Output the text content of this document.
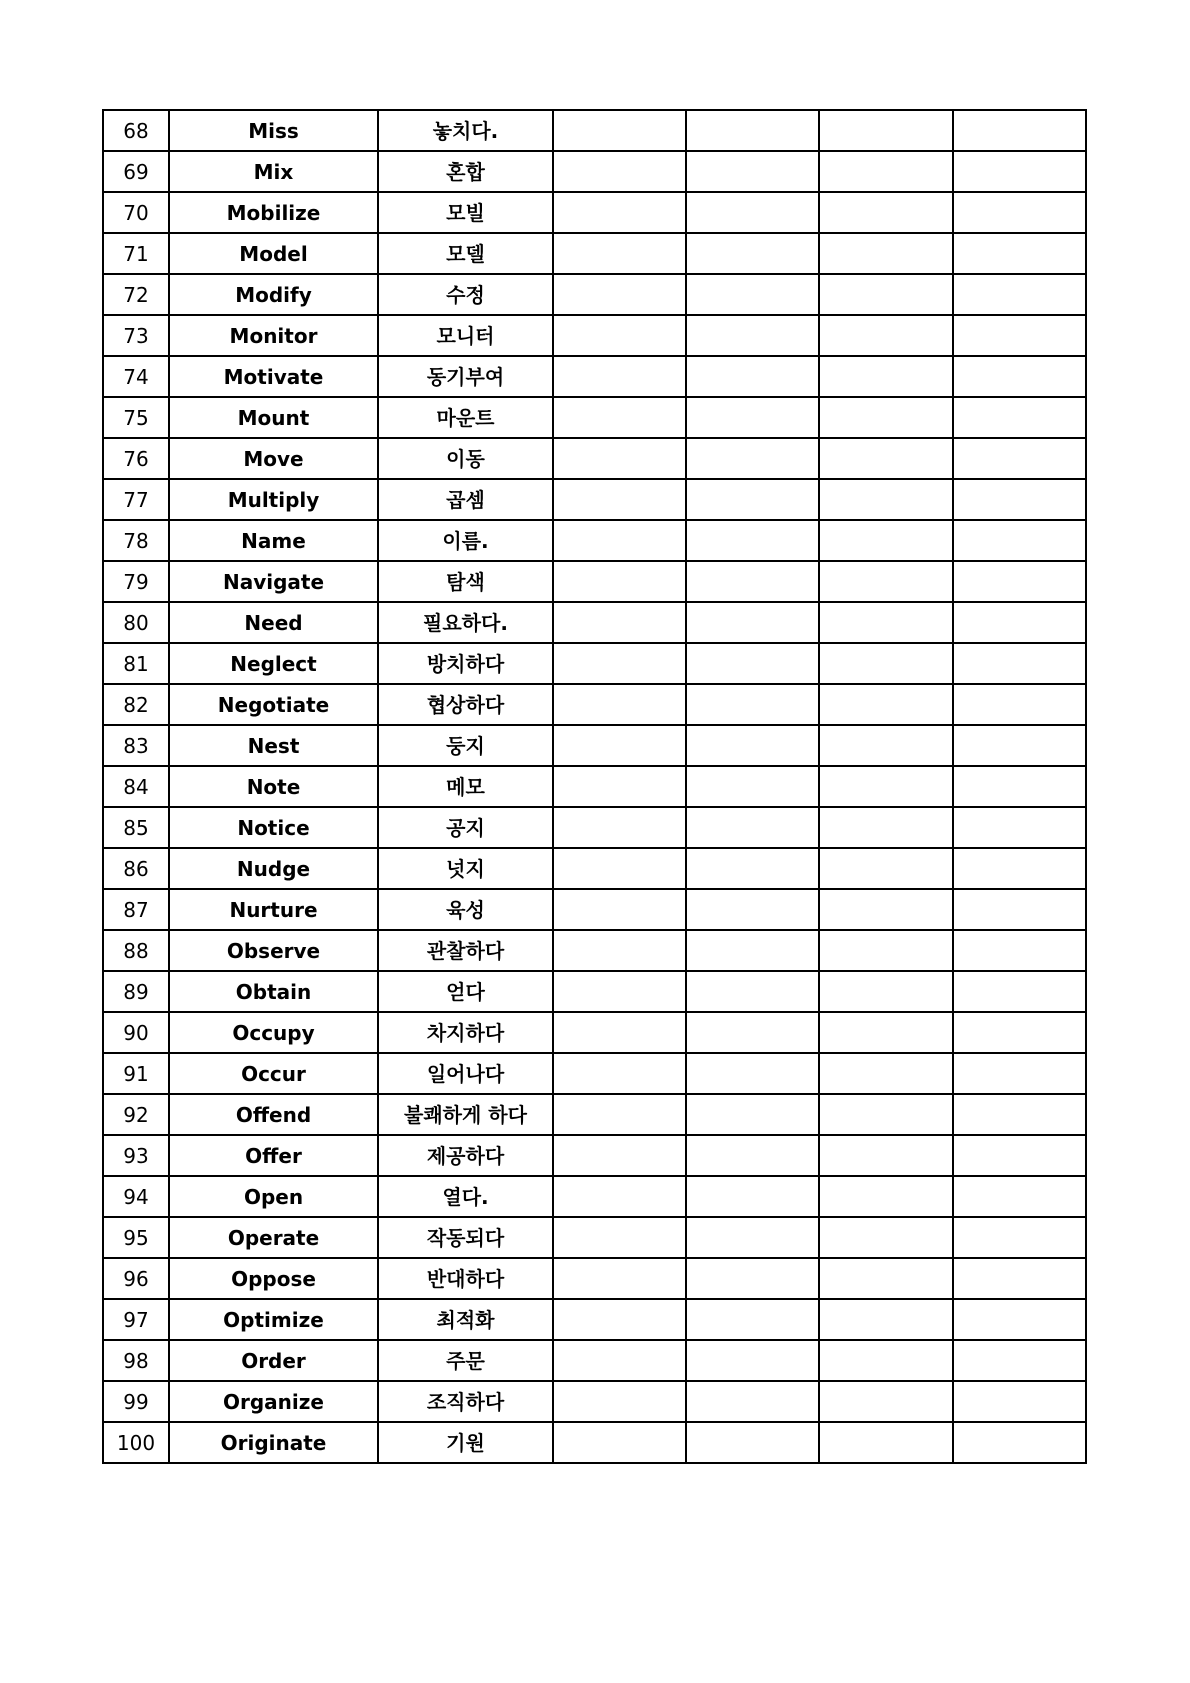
68	Miss	놓치다.				
69	Mix	혼합				
70	Mobilize	모빌				
71	Model	모델				
72	Modify	수정				
73	Monitor	모니터				
74	Motivate	동기부여				
75	Mount	마운트				
76	Move	이동				
77	Multiply	곱셈				
78	Name	이름.				
79	Navigate	탐색				
80	Need	필요하다.				
81	Neglect	방치하다				
82	Negotiate	협상하다				
83	Nest	둥지				
84	Note	메모				
85	Notice	공지				
86	Nudge	넛지				
87	Nurture	육성				
88	Observe	관찰하다				
89	Obtain	얻다				
90	Occupy	차지하다				
91	Occur	일어나다				
92	Offend	불쾌하게 하다				
93	Offer	제공하다				
94	Open	열다.				
95	Operate	작동되다				
96	Oppose	반대하다				
97	Optimize	최적화				
98	Order	주문				
99	Organize	조직하다				
100	Originate	기원				
